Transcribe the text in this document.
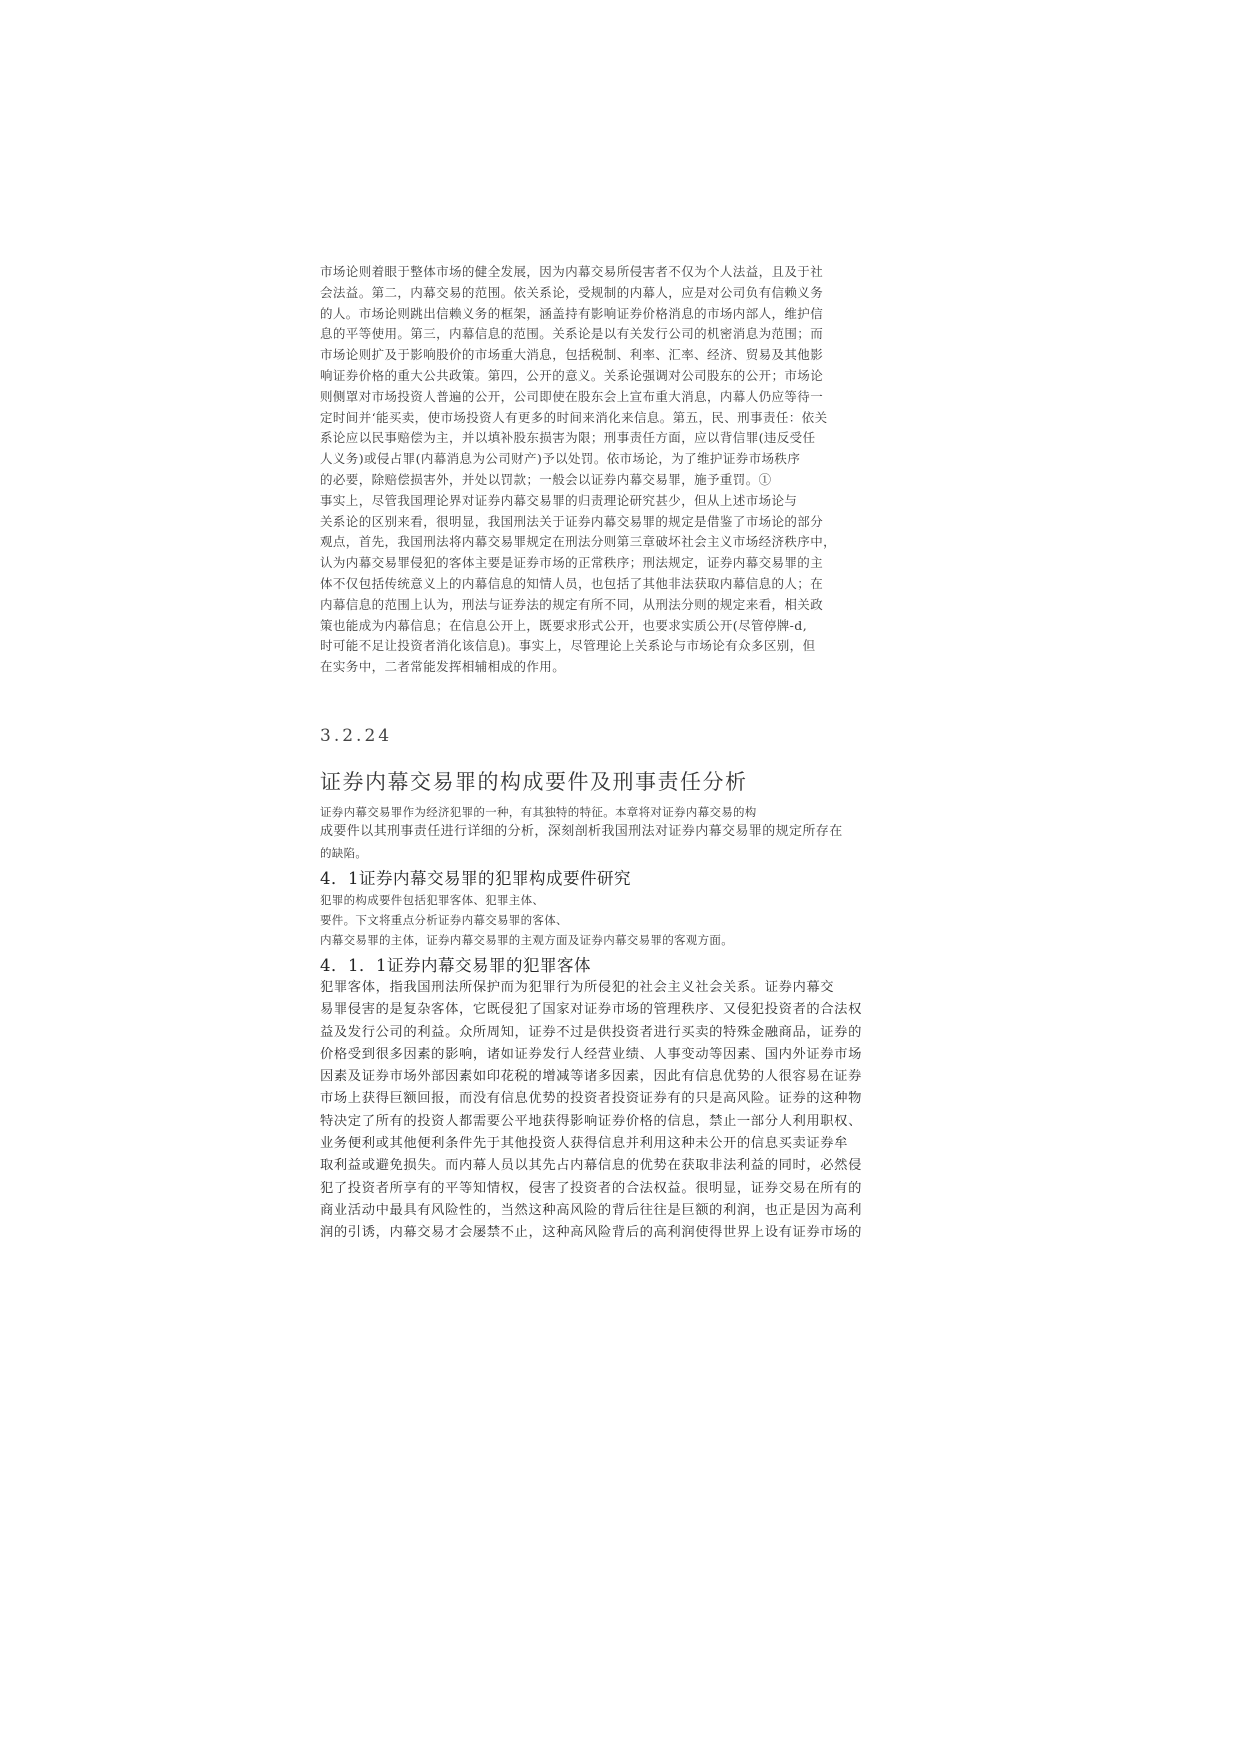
市场论则着眼于整体市场的健全发展，因为内幕交易所侵害者不仅为个人法益，且及于社
会法益。第二，内幕交易的范围。依关系论，受规制的内幕人，应是对公司负有信赖义务
的人。市场论则跳出信赖义务的框架，涵盖持有影响证券价格消息的市场内部人，维护信
息的平等使用。第三，内幕信息的范围。关系论是以有关发行公司的机密消息为范围；而
市场论则扩及于影响股价的市场重大消息，包括税制、利率、汇率、经济、贸易及其他影
响证券价格的重大公共政策。第四，公开的意义。关系论强调对公司股东的公开；市场论
则侧罩对市场投资人普遍的公开，公司即使在股东会上宣布重大消息，内幕人仍应等待一
定时间并‘能买卖，使市场投资人有更多的时间来消化来信息。第五，民、刑事责任：依关
系论应以民事赔偿为主，并以填补股东损害为限；刑事责任方面，应以背信罪(违反受任
人义务)或侵占罪(内幕消息为公司财产)予以处罚。依市场论，为了维护证券市场秩序
的必要，除赔偿损害外，并处以罚款；一般会以证券内幕交易罪，施予重罚。①
事实上，尽管我国理论界对证券内幕交易罪的归责理论研究甚少，但从上述市场论与
关系论的区别来看，很明显，我国刑法关于证券内幕交易罪的规定是借鉴了市场论的部分
观点，首先，我国刑法将内幕交易罪规定在刑法分则第三章破坏社会主义市场经济秩序中，
认为内幕交易罪侵犯的客体主要是证券市场的正常秩序；刑法规定，证券内幕交易罪的主
体不仅包括传统意义上的内幕信息的知情人员，也包括了其他非法获取内幕信息的人；在
内幕信息的范围上认为，刑法与证券法的规定有所不同，从刑法分则的规定来看，相关政
策也能成为内幕信息；在信息公开上，既要求形式公开，也要求实质公开(尽管停牌-d,
时可能不足让投资者消化该信息)。事实上，尽管理论上关系论与市场论有众多区别，但
在实务中，二者常能发挥相辅相成的作用。
3.2.24
证券内幕交易罪的构成要件及刑事责任分析
证券内幕交易罪作为经济犯罪的一种，有其独特的特征。本章将对证券内幕交易的构
成要件以其刑事责任进行详细的分析，深刻剖析我国刑法对证券内幕交易罪的规定所存在
的缺陷。
4．1证券内幕交易罪的犯罪构成要件研究
犯罪的构成要件包括犯罪客体、犯罪主体、
要件。下文将重点分析证券内幕交易罪的客体、
内幕交易罪的主体，证券内幕交易罪的主观方面及证券内幕交易罪的客观方面。
4．1．1证券内幕交易罪的犯罪客体
犯罪客体，指我国刑法所保护而为犯罪行为所侵犯的社会主义社会关系。证券内幕交
易罪侵害的是复杂客体，它既侵犯了国家对证券市场的管理秩序、又侵犯投资者的合法权
益及发行公司的利益。众所周知，证券不过是供投资者进行买卖的特殊金融商品，证券的
价格受到很多因素的影响，诸如证券发行人经营业绩、人事变动等因素、国内外证券市场
因素及证券市场外部因素如印花税的增减等诸多因素，因此有信息优势的人很容易在证券
市场上获得巨额回报，而没有信息优势的投资者投资证券有的只是高风险。证券的这种物
特决定了所有的投资人都需要公平地获得影响证券价格的信息，禁止一部分人利用职权、
业务便利或其他便利条件先于其他投资人获得信息并利用这种未公开的信息买卖证券牟
取利益或避免损失。而内幕人员以其先占内幕信息的优势在获取非法利益的同时，必然侵
犯了投资者所享有的平等知情权，侵害了投资者的合法权益。很明显，证券交易在所有的
商业活动中最具有风险性的，当然这种高风险的背后往往是巨额的利润，也正是因为高利
润的引诱，内幕交易才会屡禁不止，这种高风险背后的高利润使得世界上设有证券市场的
